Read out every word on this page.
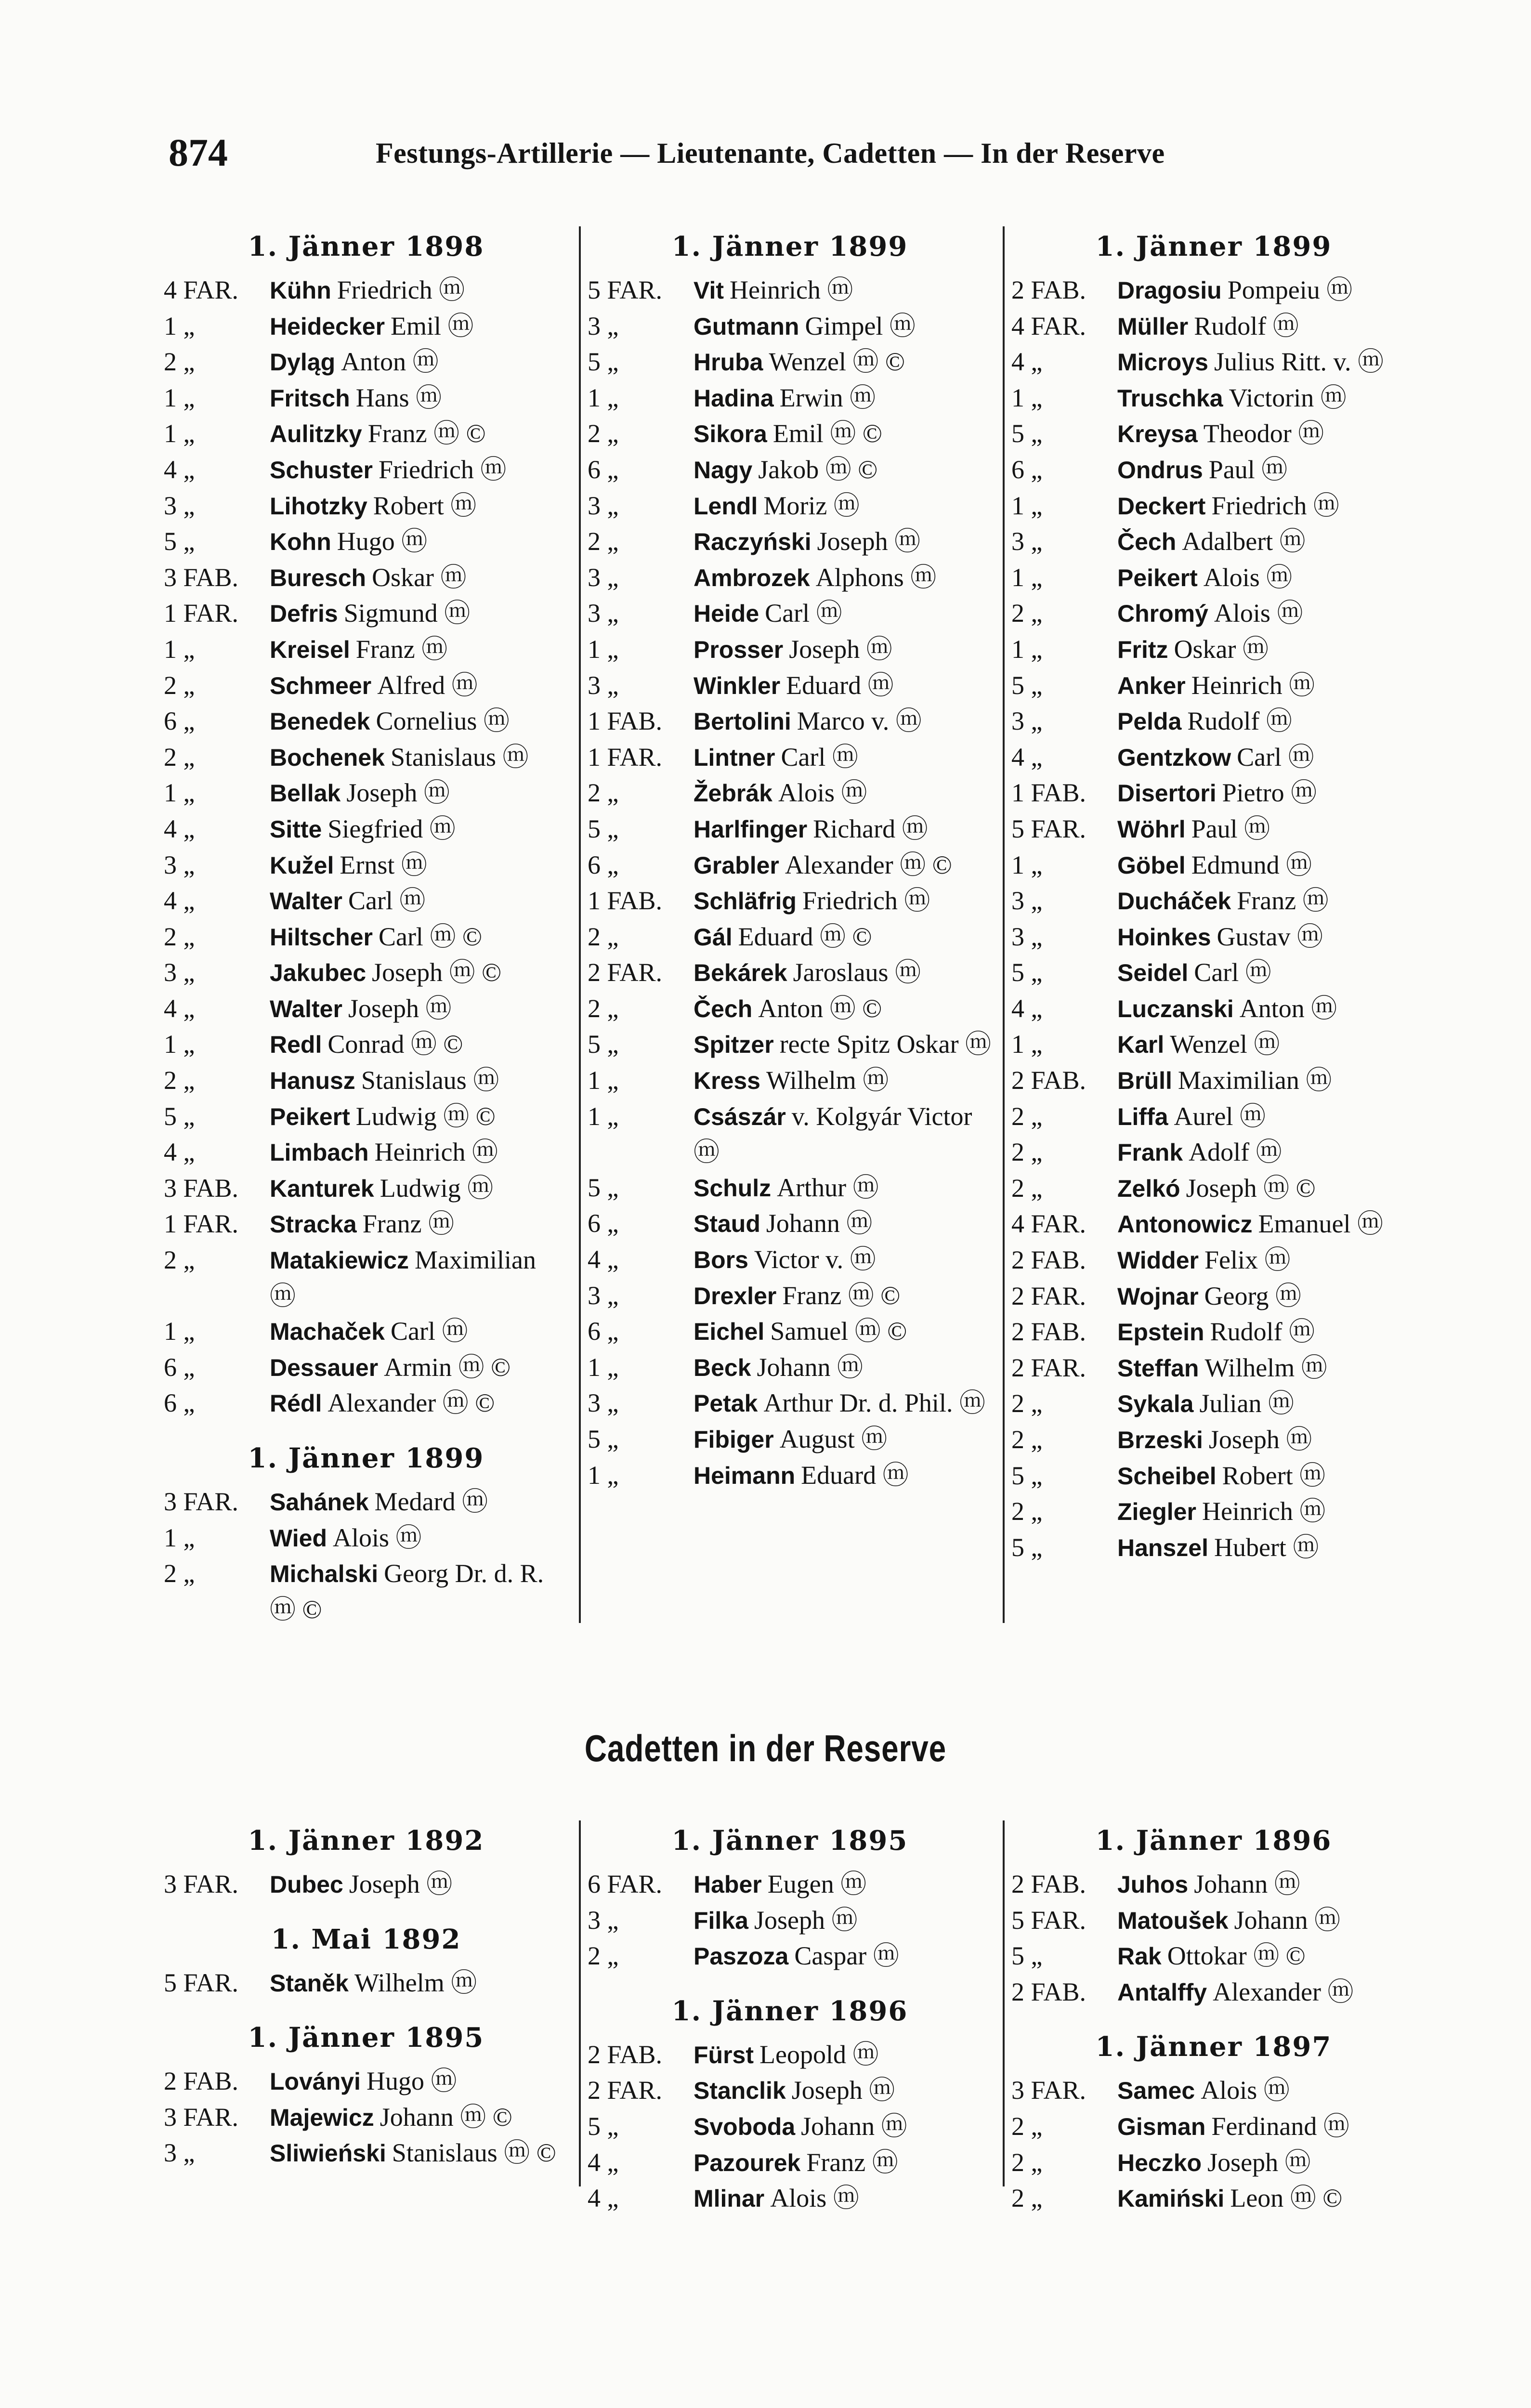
874	Festungs-Artillerie — Lieutenante, Cadetten — In der Reserve
1. Jänner 1898
4 FAR.	Kühn Friedrich ⓜ
1 „	Heidecker Emil ⓜ
2 „	Dyląg Anton ⓜ
1 „	Fritsch Hans ⓜ
1 „	Aulitzky Franz ⓜ ©
4 „	Schuster Friedrich ⓜ
3 „	Lihotzky Robert ⓜ
5 „	Kohn Hugo ⓜ
3 FAB.	Buresch Oskar ⓜ
1 FAR.	Defris Sigmund ⓜ
1 „	Kreisel Franz ⓜ
2 „	Schmeer Alfred ⓜ
6 „	Benedek Cornelius ⓜ
2 „	Bochenek Stanislaus ⓜ
1 „	Bellak Joseph ⓜ
4 „	Sitte Siegfried ⓜ
3 „	Kužel Ernst ⓜ
4 „	Walter Carl ⓜ
2 „	Hiltscher Carl ⓜ ©
3 „	Jakubec Joseph ⓜ ©
4 „	Walter Joseph ⓜ
1 „	Redl Conrad ⓜ ©
2 „	Hanusz Stanislaus ⓜ
5 „	Peikert Ludwig ⓜ ©
4 „	Limbach Heinrich ⓜ
3 FAB.	Kanturek Ludwig ⓜ
1 FAR.	Stracka Franz ⓜ
2 „	Matakiewicz Maximilian ⓜ
1 „	Machaček Carl ⓜ
6 „	Dessauer Armin ⓜ ©
6 „	Rédl Alexander ⓜ ©
1. Jänner 1899
3 FAR.	Sahánek Medard ⓜ
1 „	Wied Alois ⓜ
2 „	Michalski Georg Dr. d. R. ⓜ ©
1. Jänner 1899
5 FAR.	Vit Heinrich ⓜ
3 „	Gutmann Gimpel ⓜ
5 „	Hruba Wenzel ⓜ ©
1 „	Hadina Erwin ⓜ
2 „	Sikora Emil ⓜ ©
6 „	Nagy Jakob ⓜ ©
3 „	Lendl Moriz ⓜ
2 „	Raczyński Joseph ⓜ
3 „	Ambrozek Alphons ⓜ
3 „	Heide Carl ⓜ
1 „	Prosser Joseph ⓜ
3 „	Winkler Eduard ⓜ
1 FAB.	Bertolini Marco v. ⓜ
1 FAR.	Lintner Carl ⓜ
2 „	Žebrák Alois ⓜ
5 „	Harlfinger Richard ⓜ
6 „	Grabler Alexander ⓜ ©
1 FAB.	Schläfrig Friedrich ⓜ
2 „	Gál Eduard ⓜ ©
2 FAR.	Bekárek Jaroslaus ⓜ
2 „	Čech Anton ⓜ ©
5 „	Spitzer recte Spitz Oskar ⓜ
1 „	Kress Wilhelm ⓜ
1 „	Császár v. Kolgyár Victor ⓜ
5 „	Schulz Arthur ⓜ
6 „	Staud Johann ⓜ
4 „	Bors Victor v. ⓜ
3 „	Drexler Franz ⓜ ©
6 „	Eichel Samuel ⓜ ©
1 „	Beck Johann ⓜ
3 „	Petak Arthur Dr. d. Phil. ⓜ
5 „	Fibiger August ⓜ
1 „	Heimann Eduard ⓜ
1. Jänner 1899
2 FAB.	Dragosiu Pompeiu ⓜ
4 FAR.	Müller Rudolf ⓜ
4 „	Microys Julius Ritt. v. ⓜ
1 „	Truschka Victorin ⓜ
5 „	Kreysa Theodor ⓜ
6 „	Ondrus Paul ⓜ
1 „	Deckert Friedrich ⓜ
3 „	Čech Adalbert ⓜ
1 „	Peikert Alois ⓜ
2 „	Chromý Alois ⓜ
1 „	Fritz Oskar ⓜ
5 „	Anker Heinrich ⓜ
3 „	Pelda Rudolf ⓜ
4 „	Gentzkow Carl ⓜ
1 FAB.	Disertori Pietro ⓜ
5 FAR.	Wöhrl Paul ⓜ
1 „	Göbel Edmund ⓜ
3 „	Ducháček Franz ⓜ
3 „	Hoinkes Gustav ⓜ
5 „	Seidel Carl ⓜ
4 „	Luczanski Anton ⓜ
1 „	Karl Wenzel ⓜ
2 FAB.	Brüll Maximilian ⓜ
2 „	Liffa Aurel ⓜ
2 „	Frank Adolf ⓜ
2 „	Zelkó Joseph ⓜ ©
4 FAR.	Antonowicz Emanuel ⓜ
2 FAB.	Widder Felix ⓜ
2 FAR.	Wojnar Georg ⓜ
2 FAB.	Epstein Rudolf ⓜ
2 FAR.	Steffan Wilhelm ⓜ
2 „	Sykala Julian ⓜ
2 „	Brzeski Joseph ⓜ
5 „	Scheibel Robert ⓜ
2 „	Ziegler Heinrich ⓜ
5 „	Hanszel Hubert ⓜ
Cadetten in der Reserve
1. Jänner 1892
3 FAR.	Dubec Joseph ⓜ
1. Mai 1892
5 FAR.	Staněk Wilhelm ⓜ
1. Jänner 1895
2 FAB.	Loványi Hugo ⓜ
3 FAR.	Majewicz Johann ⓜ ©
3 „	Sliwieński Stanislaus ⓜ ©
1. Jänner 1895
6 FAR.	Haber Eugen ⓜ
3 „	Filka Joseph ⓜ
2 „	Paszoza Caspar ⓜ
1. Jänner 1896
2 FAB.	Fürst Leopold ⓜ
2 FAR.	Stanclik Joseph ⓜ
5 „	Svoboda Johann ⓜ
4 „	Pazourek Franz ⓜ
4 „	Mlinar Alois ⓜ
1. Jänner 1896
2 FAB.	Juhos Johann ⓜ
5 FAR.	Matoušek Johann ⓜ
5 „	Rak Ottokar ⓜ ©
2 FAB.	Antalffy Alexander ⓜ
1. Jänner 1897
3 FAR.	Samec Alois ⓜ
2 „	Gisman Ferdinand ⓜ
2 „	Heczko Joseph ⓜ
2 „	Kamiński Leon ⓜ ©
